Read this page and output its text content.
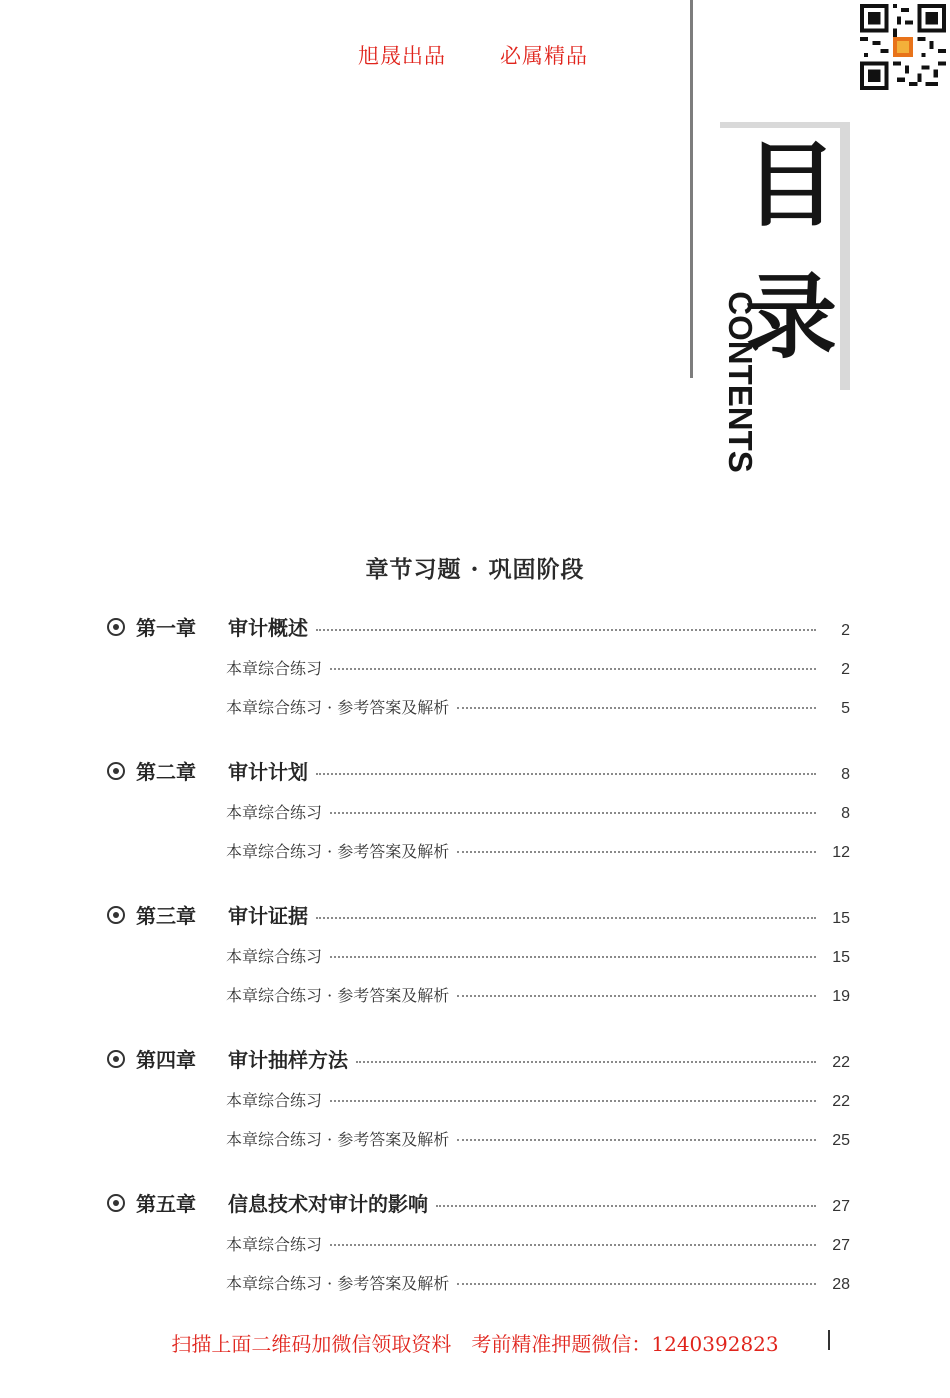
旭晟出品	必属精品
目
录
CONTENTS
章节习题 · 巩固阶段
第一章	审计概述	2
本章综合练习	2
本章综合练习 · 参考答案及解析	5
第二章	审计计划	8
本章综合练习	8
本章综合练习 · 参考答案及解析	12
第三章	审计证据	15
本章综合练习	15
本章综合练习 · 参考答案及解析	19
第四章	审计抽样方法	22
本章综合练习	22
本章综合练习 · 参考答案及解析	25
第五章	信息技术对审计的影响	27
本章综合练习	27
本章综合练习 · 参考答案及解析	28
扫描上面二维码加微信领取资料　考前精准押题微信：1240392823
